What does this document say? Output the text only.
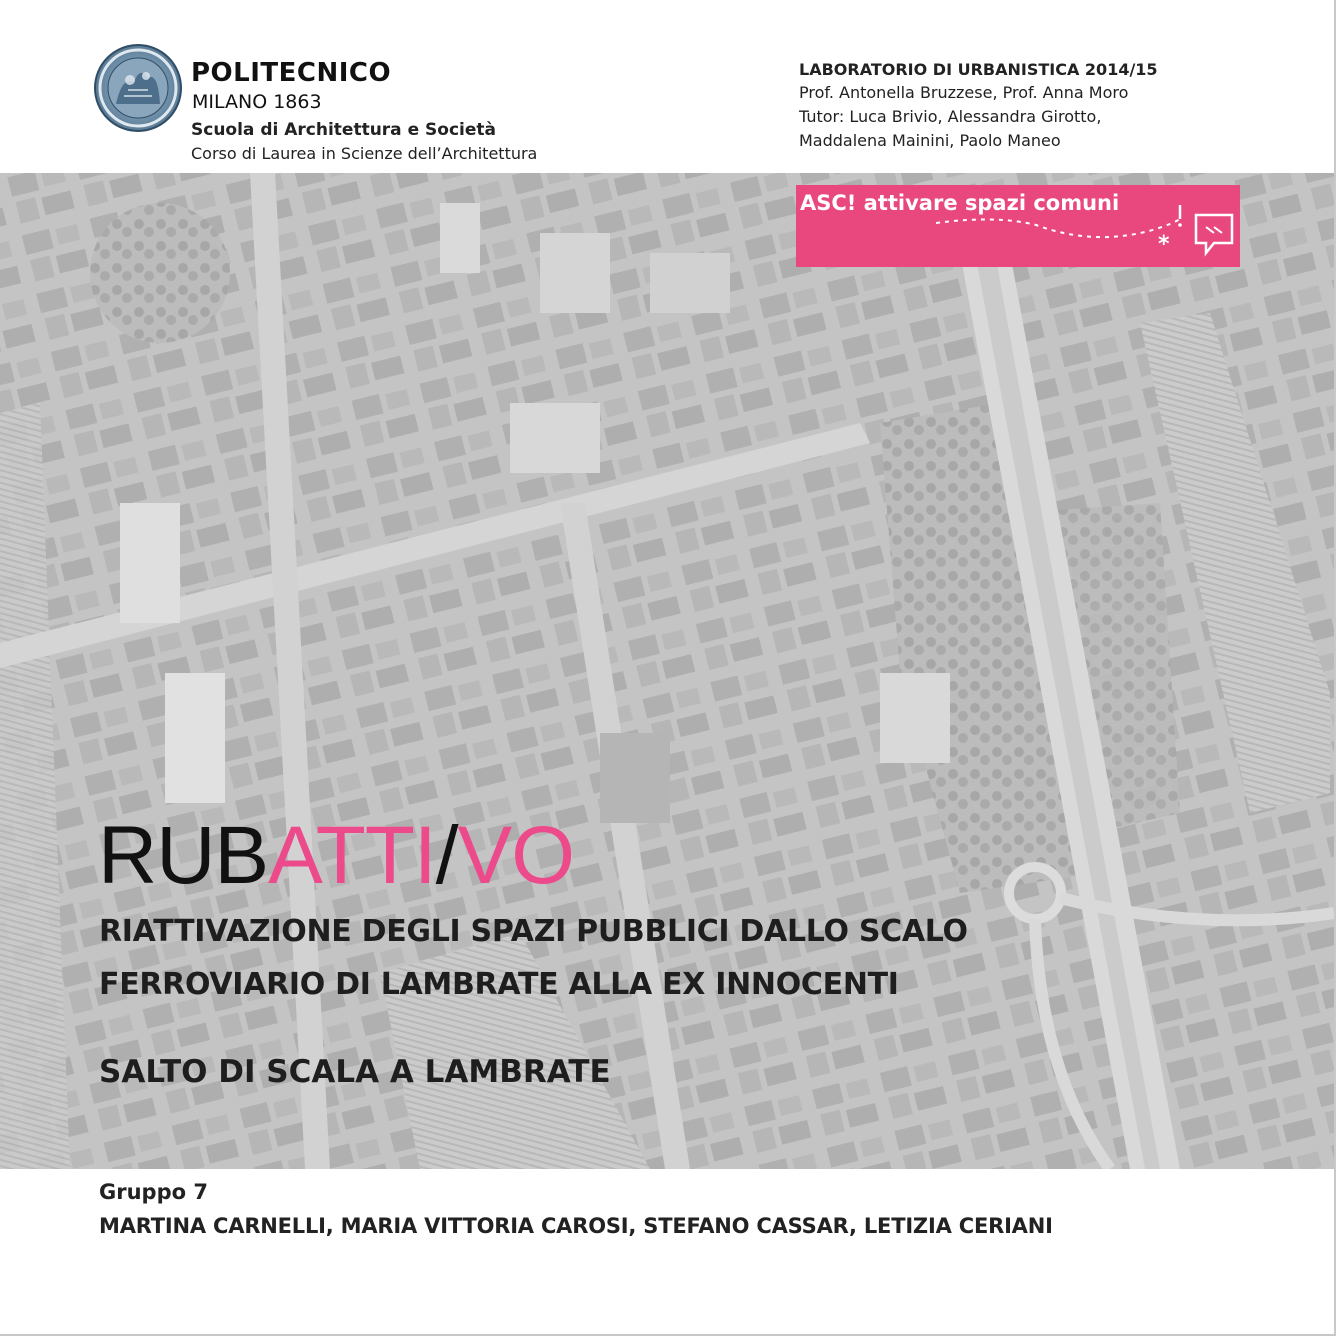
POLITECNICO
MILANO 1863
Scuola di Architettura e Società
Corso di Laurea in Scienze dell’Architettura
LABORATORIO DI URBANISTICA 2014/15
Prof. Antonella Bruzzese, Prof. Anna Moro
Tutor: Luca Brivio, Alessandra Girotto,
Maddalena Mainini, Paolo Maneo
ASC! attivare spazi comuni
*
RUBATTI/VO
RIATTIVAZIONE DEGLI SPAZI PUBBLICI DALLO SCALO
FERROVIARIO DI LAMBRATE ALLA EX INNOCENTI
SALTO DI SCALA A LAMBRATE
Gruppo 7
MARTINA CARNELLI, MARIA VITTORIA CAROSI, STEFANO CASSAR, LETIZIA CERIANI
